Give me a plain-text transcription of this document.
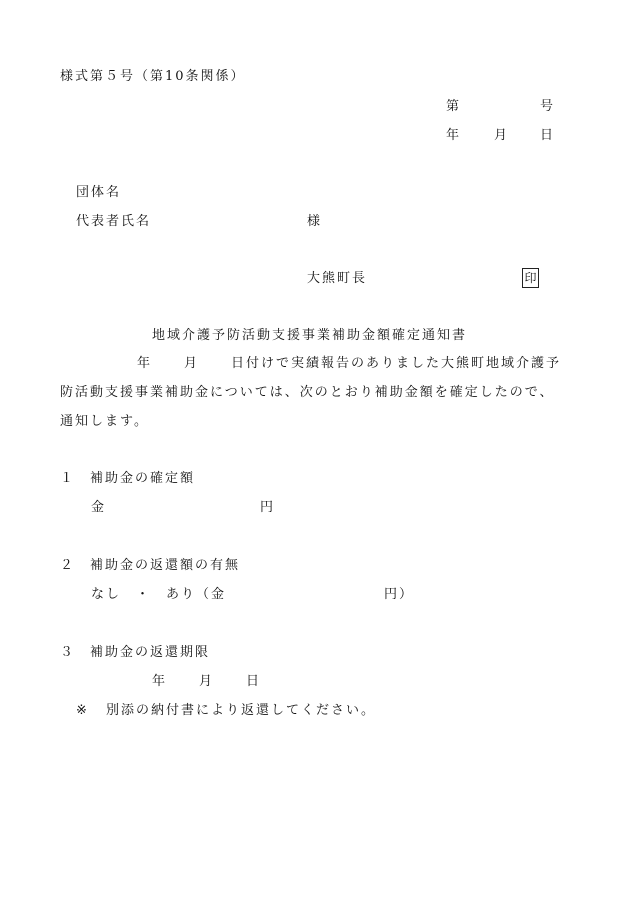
様式第５号（第10条関係）
第	号
年	月 日
団体名
代表者氏名	様
大熊町長	印
地域介護予防活動支援事業補助金額確定通知書
年 月 日付けで実績報告のありました大熊町地域介護予
防活動支援事業補助金については、次のとおり補助金額を確定したので、
通知します。
１ 補助金の確定額
金	円
２ 補助金の返還額の有無
なし　・　あり（金	円）
３ 補助金の返還期限
年 月 日
※ 別添の納付書により返還してください。
